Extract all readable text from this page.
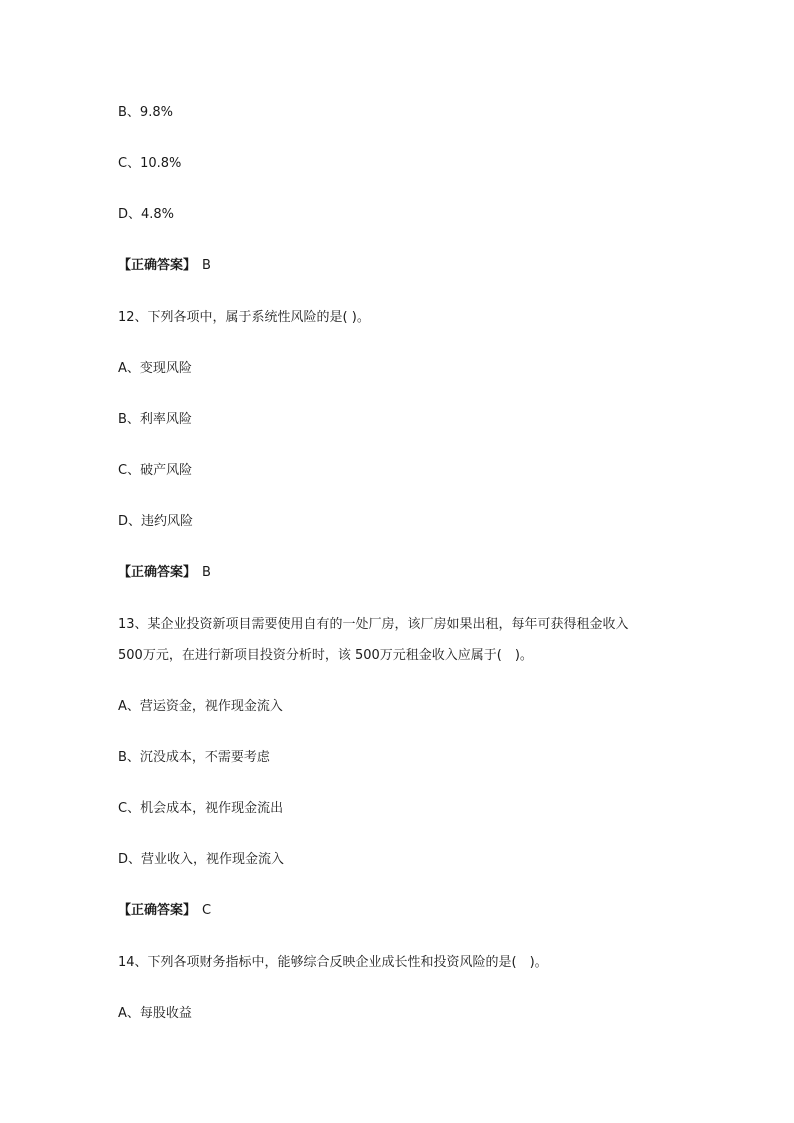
B、9.8%
C、10.8%
D、4.8%
【正确答案】 B
12、下列各项中，属于系统性风险的是( )。
A、变现风险
B、利率风险
C、破产风险
D、违约风险
【正确答案】 B
13、某企业投资新项目需要使用自有的一处厂房，该厂房如果出租，每年可获得租金收入
500万元，在进行新项目投资分析时，该 500万元租金收入应属于(　)。
A、营运资金，视作现金流入
B、沉没成本，不需要考虑
C、机会成本，视作现金流出
D、营业收入，视作现金流入
【正确答案】 C
14、下列各项财务指标中，能够综合反映企业成长性和投资风险的是(　)。
A、每股收益
